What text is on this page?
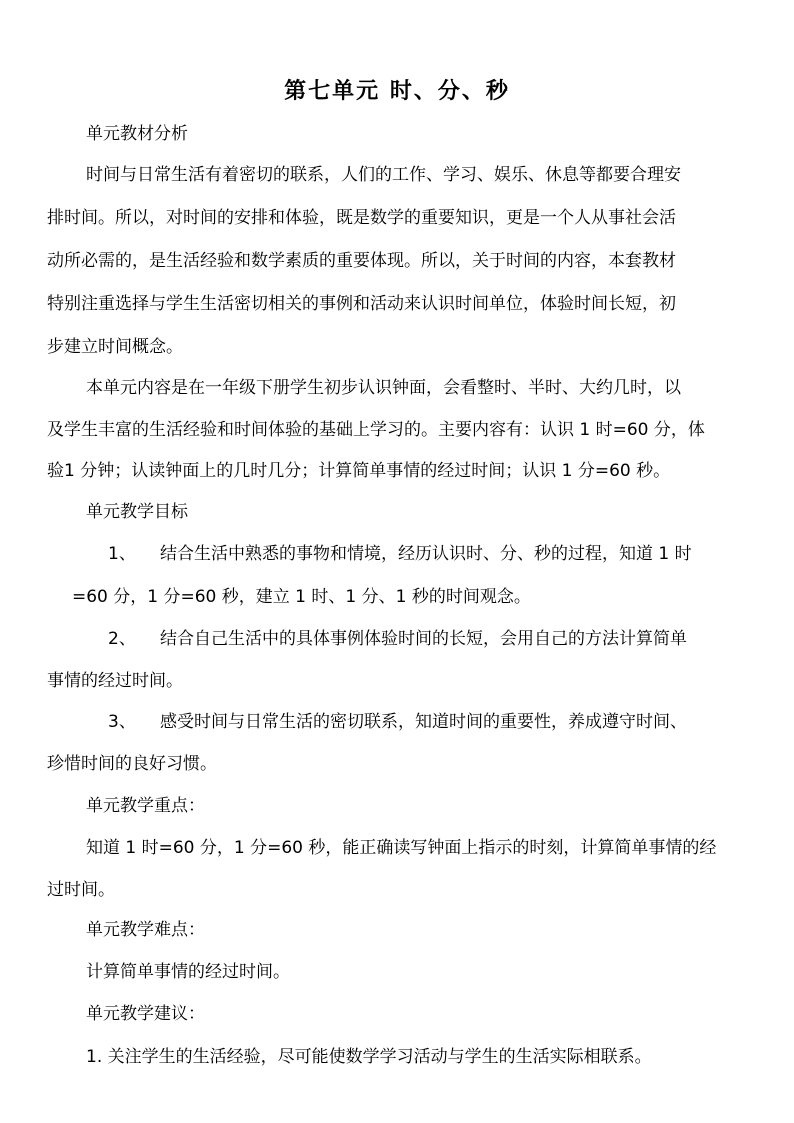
第七单元 时、分、秒
单元教材分析
时间与日常生活有着密切的联系，人们的工作、学习、娱乐、休息等都要合理安
排时间。所以，对时间的安排和体验，既是数学的重要知识，更是一个人从事社会活
动所必需的，是生活经验和数学素质的重要体现。所以，关于时间的内容，本套教材
特别注重选择与学生生活密切相关的事例和活动来认识时间单位，体验时间长短，初
步建立时间概念。
本单元内容是在一年级下册学生初步认识钟面，会看整时、半时、大约几时，以
及学生丰富的生活经验和时间体验的基础上学习的。主要内容有：认识 1 时=60 分，体
验1 分钟；认读钟面上的几时几分；计算简单事情的经过时间；认识 1 分=60 秒。
单元教学目标
1、 结合生活中熟悉的事物和情境，经历认识时、分、秒的过程，知道 1 时
=60 分，1 分=60 秒，建立 1 时、1 分、1 秒的时间观念。
2、 结合自己生活中的具体事例体验时间的长短，会用自己的方法计算简单
事情的经过时间。
3、 感受时间与日常生活的密切联系，知道时间的重要性，养成遵守时间、
珍惜时间的良好习惯。
单元教学重点：
知道 1 时=60 分，1 分=60 秒，能正确读写钟面上指示的时刻，计算简单事情的经
过时间。
单元教学难点：
计算简单事情的经过时间。
单元教学建议：
1. 关注学生的生活经验，尽可能使数学学习活动与学生的生活实际相联系。
